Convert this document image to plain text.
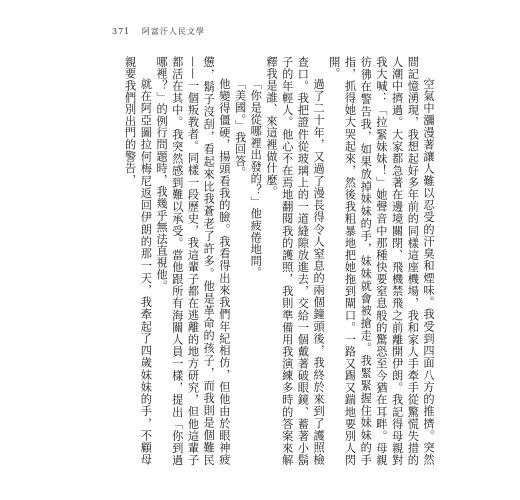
371 阿富汗人民文學

空氣中瀰漫著讓人難以忍受的汗臭和煙味。我受到四面八方的推擠。突然間記憶湧現，我想起好多年前的同樣這座機場，我和家人手牽手從驚慌失措的人潮中擠過。大家都急著在邊境關閉、飛機禁飛之前離開伊朗。我記得母親對我大喊：「拉緊妹妹！」她聲音中那種快要窒息般的驚恐至今猶在耳畔。母親彷彿在警告我，如果放掉妹妹的手，妹妹就會被搶走。我緊緊握住妹妹的手指，抓得她大哭起來，然後我粗暴地把她拖到閘口。一路又踢又踹地要別人閃開。

過了二十年，又過了漫長得令人窒息的兩個鐘頭後，我終於來到了護照檢查口。我把證件從玻璃上的一道縫隙放進去，交給一個戴著破眼鏡、蓄著小鬍子的年輕人。他心不在焉地翻閱我的護照，我則準備用我演練多時的答案來解釋我是誰、來這裡做什麼。

「你是從哪裡出發的？」他疲倦地問。

「美國。」我回答。

他變得僵硬，揚頭看我的臉。我看得出來我們年紀相仿，但他由於眼神疲憊，鬍子沒刮，看起來比我蒼老了許多。他是革命的孩子，而我則是個難民——一個叛教者。同樣一段歷史，我這輩子都在逃離的地方研究，但他這輩子都活在其中。我突然感到難以承受。當他跟所有海關人員一樣，提出「你到過哪裡？」的例行問題時，我幾乎無法直視他。

就在阿亞圖拉何梅尼返回伊朗的那一天，我牽起了四歲妹妹的手，不顧母親要我們別出門的警告，
